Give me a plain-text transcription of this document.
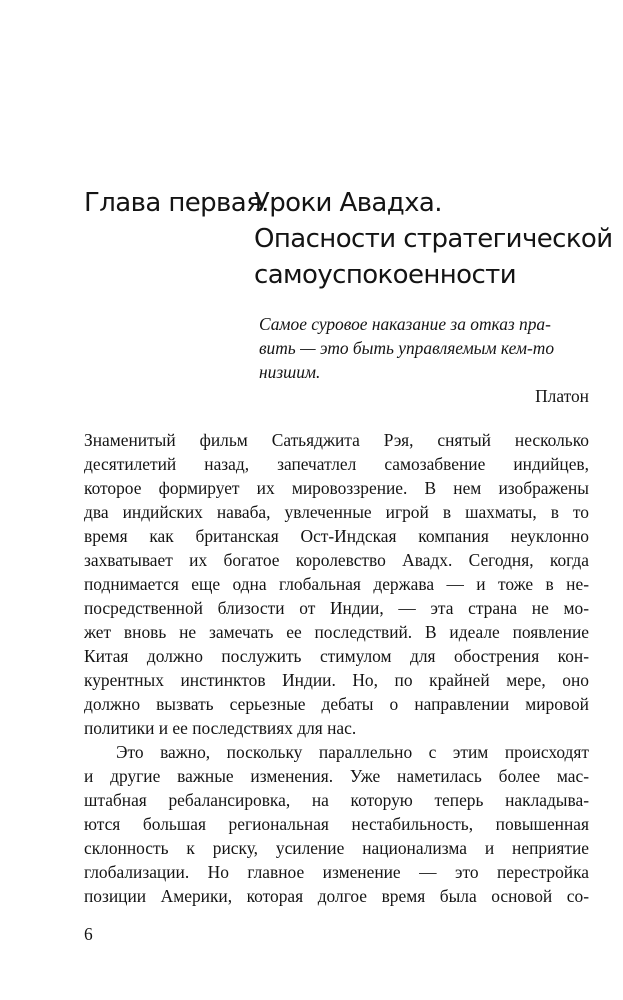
Глава первая.
Уроки Авадха.
Опасности стратегической
самоуспокоенности
Самое суровое наказание за отказ пра-
вить — это быть управляемым кем-то
низшим.
Платон
Знаменитый фильм Сатьяджита Рэя, снятый несколько
десятилетий назад, запечатлел самозабвение индийцев,
которое формирует их мировоззрение. В нем изображены
два индийских наваба, увлеченные игрой в шахматы, в то
время как британская Ост-Индская компания неуклонно
захватывает их богатое королевство Авадх. Сегодня, когда
поднимается еще одна глобальная держава — и тоже в не-
посредственной близости от Индии, — эта страна не мо-
жет вновь не замечать ее последствий. В идеале появление
Китая должно послужить стимулом для обострения кон-
курентных инстинктов Индии. Но, по крайней мере, оно
должно вызвать серьезные дебаты о направлении мировой
политики и ее последствиях для нас.
Это важно, поскольку параллельно с этим происходят
и другие важные изменения. Уже наметилась более мас-
штабная ребалансировка, на которую теперь накладыва-
ются большая региональная нестабильность, повышенная
склонность к риску, усиление национализма и неприятие
глобализации. Но главное изменение — это перестройка
позиции Америки, которая долгое время была основой со-
6
